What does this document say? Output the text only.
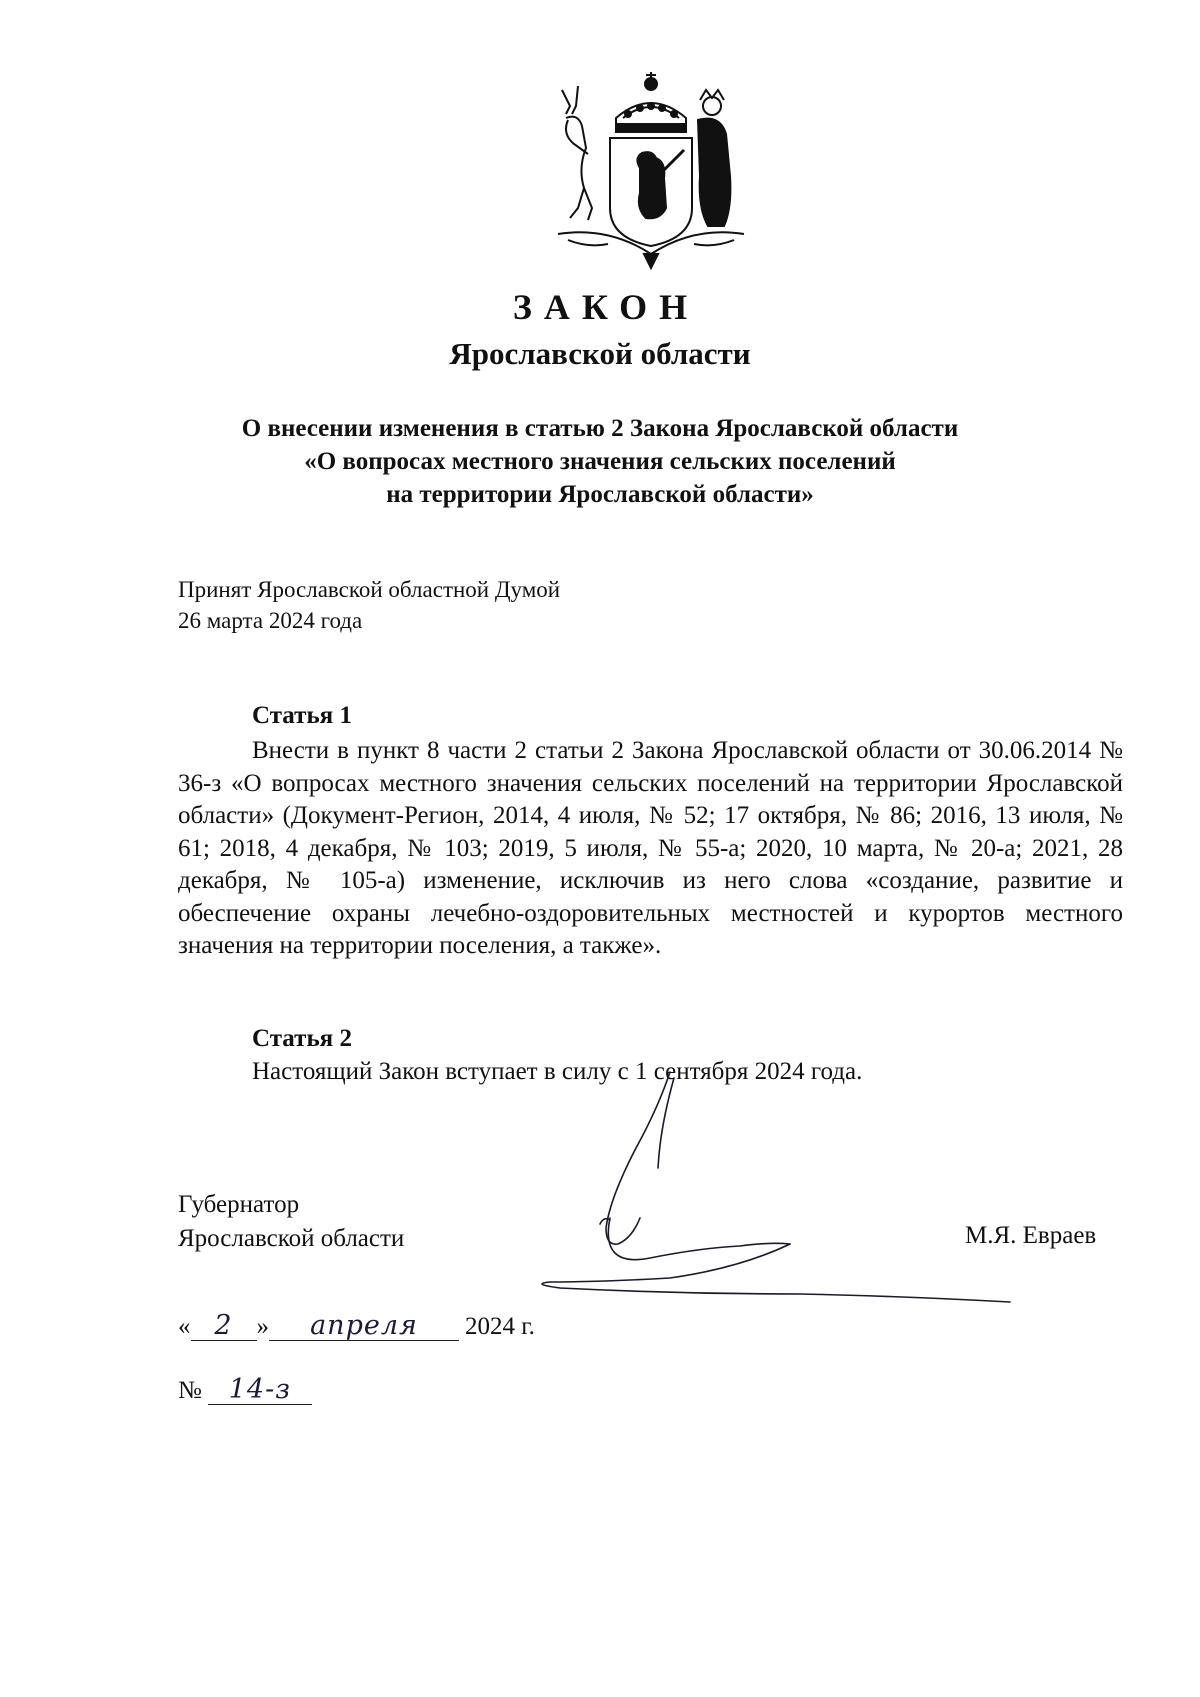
ЗАКОН
Ярославской области
О внесении изменения в статью 2 Закона Ярославской области
«О вопросах местного значения сельских поселений
на территории Ярославской области»
Принят Ярославской областной Думой
26 марта 2024 года
Статья 1
Внести в пункт 8 части 2 статьи 2 Закона Ярославской области от 30.06.2014 № 36-з «О вопросах местного значения сельских поселений на территории Ярославской области» (Документ-Регион, 2014, 4 июля, № 52; 17 октября, № 86; 2016, 13 июля, № 61; 2018, 4 декабря, № 103; 2019, 5 июля, № 55-а; 2020, 10 марта, № 20-а; 2021, 28 декабря, № 105-а) изменение, исключив из него слова «создание, развитие и обеспечение охраны лечебно-оздоровительных местностей и курортов местного значения на территории поселения, а также».
Статья 2
Настоящий Закон вступает в силу с 1 сентября 2024 года.
Губернатор
Ярославской области	М.Я. Евраев
« 2 » апреля 2024 г.
№ 14-з
